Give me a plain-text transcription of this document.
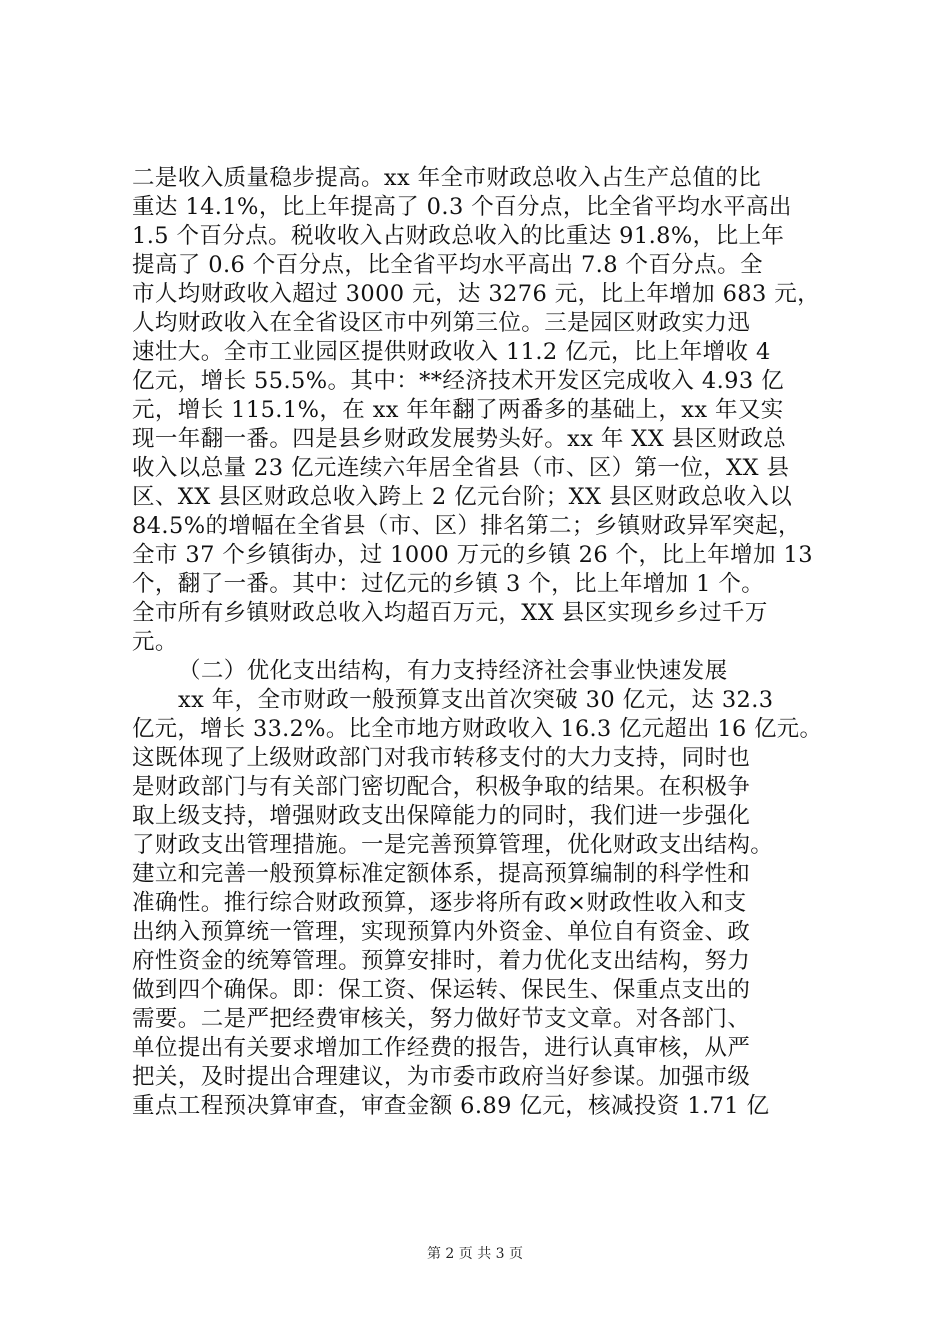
二是收入质量稳步提高。xx 年全市财政总收入占生产总值的比
重达 14.1%，比上年提高了 0.3 个百分点，比全省平均水平高出
1.5 个百分点。税收收入占财政总收入的比重达 91.8%，比上年
提高了 0.6 个百分点，比全省平均水平高出 7.8 个百分点。全
市人均财政收入超过 3000 元，达 3276 元，比上年增加 683 元，
人均财政收入在全省设区市中列第三位。三是园区财政实力迅
速壮大。全市工业园区提供财政收入 11.2 亿元，比上年增收 4
亿元，增长 55.5%。其中：**经济技术开发区完成收入 4.93 亿
元，增长 115.1%，在 xx 年年翻了两番多的基础上，xx 年又实
现一年翻一番。四是县乡财政发展势头好。xx 年 XX 县区财政总
收入以总量 23 亿元连续六年居全省县（市、区）第一位，XX 县
区、XX 县区财政总收入跨上 2 亿元台阶；XX 县区财政总收入以
84.5%的增幅在全省县（市、区）排名第二；乡镇财政异军突起，
全市 37 个乡镇街办，过 1000 万元的乡镇 26 个，比上年增加 13
个，翻了一番。其中：过亿元的乡镇 3 个，比上年增加 1 个。
全市所有乡镇财政总收入均超百万元，XX 县区实现乡乡过千万
元。
（二）优化支出结构，有力支持经济社会事业快速发展
xx 年，全市财政一般预算支出首次突破 30 亿元，达 32.3
亿元，增长 33.2%。比全市地方财政收入 16.3 亿元超出 16 亿元。
这既体现了上级财政部门对我市转移支付的大力支持，同时也
是财政部门与有关部门密切配合，积极争取的结果。在积极争
取上级支持，增强财政支出保障能力的同时，我们进一步强化
了财政支出管理措施。一是完善预算管理，优化财政支出结构。
建立和完善一般预算标准定额体系，提高预算编制的科学性和
准确性。推行综合财政预算，逐步将所有政×财政性收入和支
出纳入预算统一管理，实现预算内外资金、单位自有资金、政
府性资金的统筹管理。预算安排时，着力优化支出结构，努力
做到四个确保。即：保工资、保运转、保民生、保重点支出的
需要。二是严把经费审核关，努力做好节支文章。对各部门、
单位提出有关要求增加工作经费的报告，进行认真审核，从严
把关，及时提出合理建议，为市委市政府当好参谋。加强市级
重点工程预决算审查，审查金额 6.89 亿元，核减投资 1.71 亿
第 2 页 共 3 页
